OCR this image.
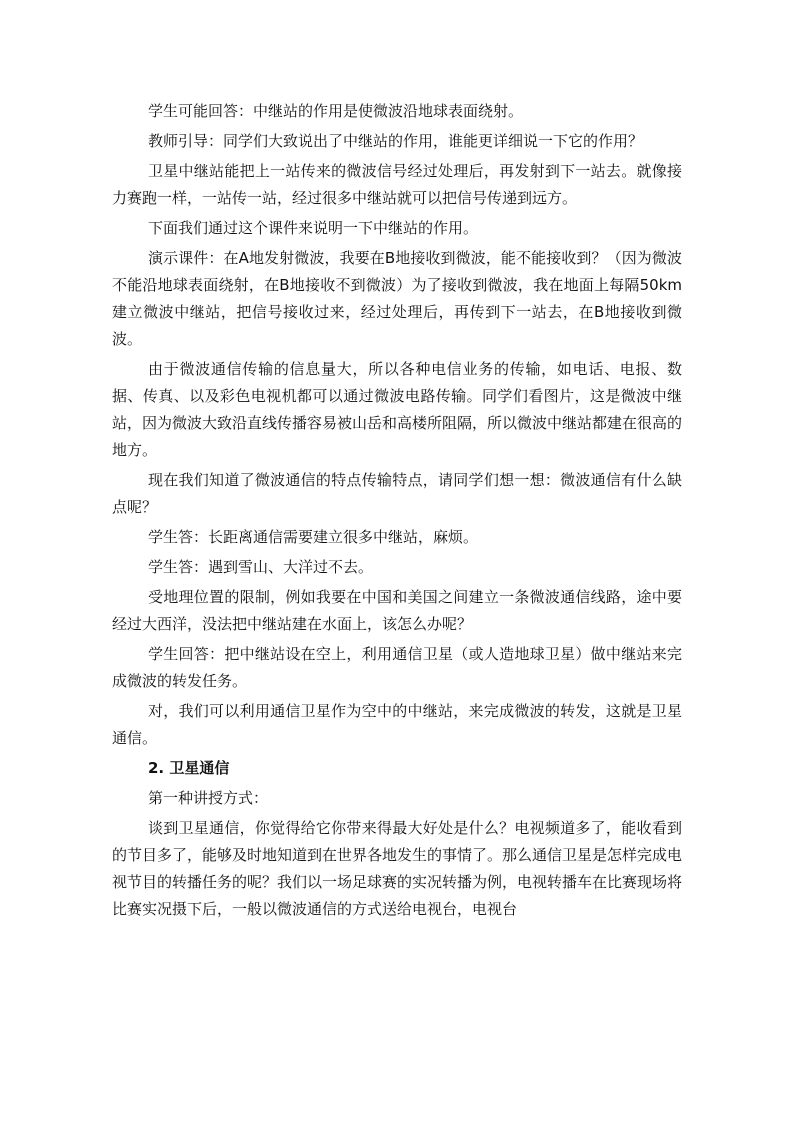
学生可能回答：中继站的作用是使微波沿地球表面绕射。

教师引导：同学们大致说出了中继站的作用，谁能更详细说一下它的作用？

卫星中继站能把上一站传来的微波信号经过处理后，再发射到下一站去。就像接力赛跑一样，一站传一站，经过很多中继站就可以把信号传递到远方。

下面我们通过这个课件来说明一下中继站的作用。

演示课件：在A地发射微波，我要在B地接收到微波，能不能接收到？（因为微波不能沿地球表面绕射，在B地接收不到微波）为了接收到微波，我在地面上每隔50km建立微波中继站，把信号接收过来，经过处理后，再传到下一站去，在B地接收到微波。

由于微波通信传输的信息量大，所以各种电信业务的传输，如电话、电报、数据、传真、以及彩色电视机都可以通过微波电路传输。同学们看图片，这是微波中继站，因为微波大致沿直线传播容易被山岳和高楼所阻隔，所以微波中继站都建在很高的地方。

现在我们知道了微波通信的特点传输特点，请同学们想一想：微波通信有什么缺点呢？

学生答：长距离通信需要建立很多中继站，麻烦。

学生答：遇到雪山、大洋过不去。

受地理位置的限制，例如我要在中国和美国之间建立一条微波通信线路，途中要经过大西洋，没法把中继站建在水面上，该怎么办呢？

学生回答：把中继站设在空上，利用通信卫星（或人造地球卫星）做中继站来完成微波的转发任务。

对，我们可以利用通信卫星作为空中的中继站，来完成微波的转发，这就是卫星通信。

2. 卫星通信

第一种讲授方式：

谈到卫星通信，你觉得给它你带来得最大好处是什么？电视频道多了，能收看到的节目多了，能够及时地知道到在世界各地发生的事情了。那么通信卫星是怎样完成电视节目的转播任务的呢？我们以一场足球赛的实况转播为例，电视转播车在比赛现场将比赛实况摄下后，一般以微波通信的方式送给电视台，电视台
